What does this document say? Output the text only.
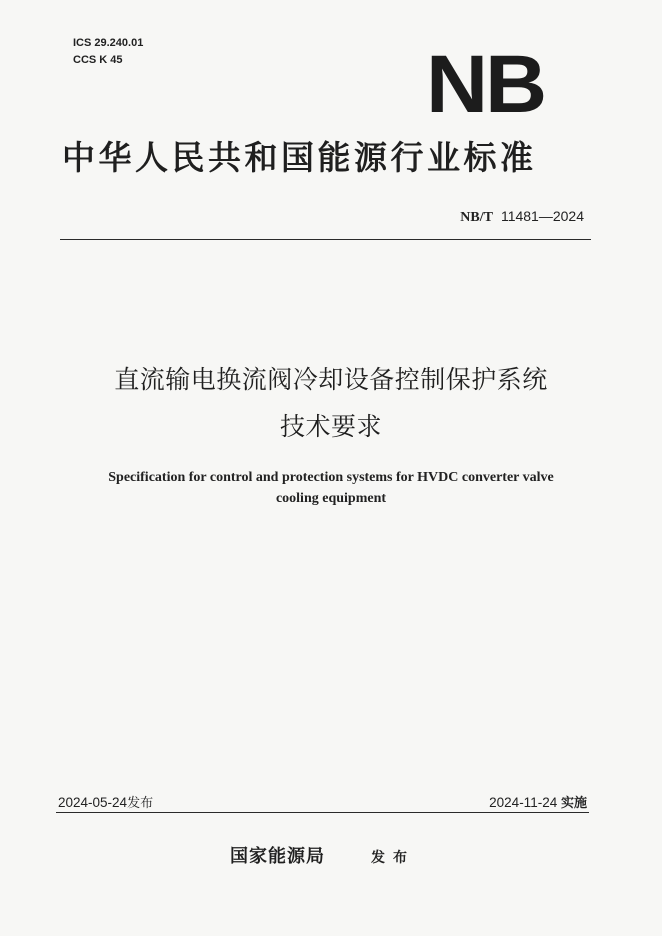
ICS 29.240.01
CCS K 45	NB
中华人民共和国能源行业标准
NB/T 11481—2024
直流输电换流阀冷却设备控制保护系统
技术要求
Specification for control and protection systems for HVDC converter valve
cooling equipment
2024-05-24发布	2024-11-24 实施
国家能源局	发布
